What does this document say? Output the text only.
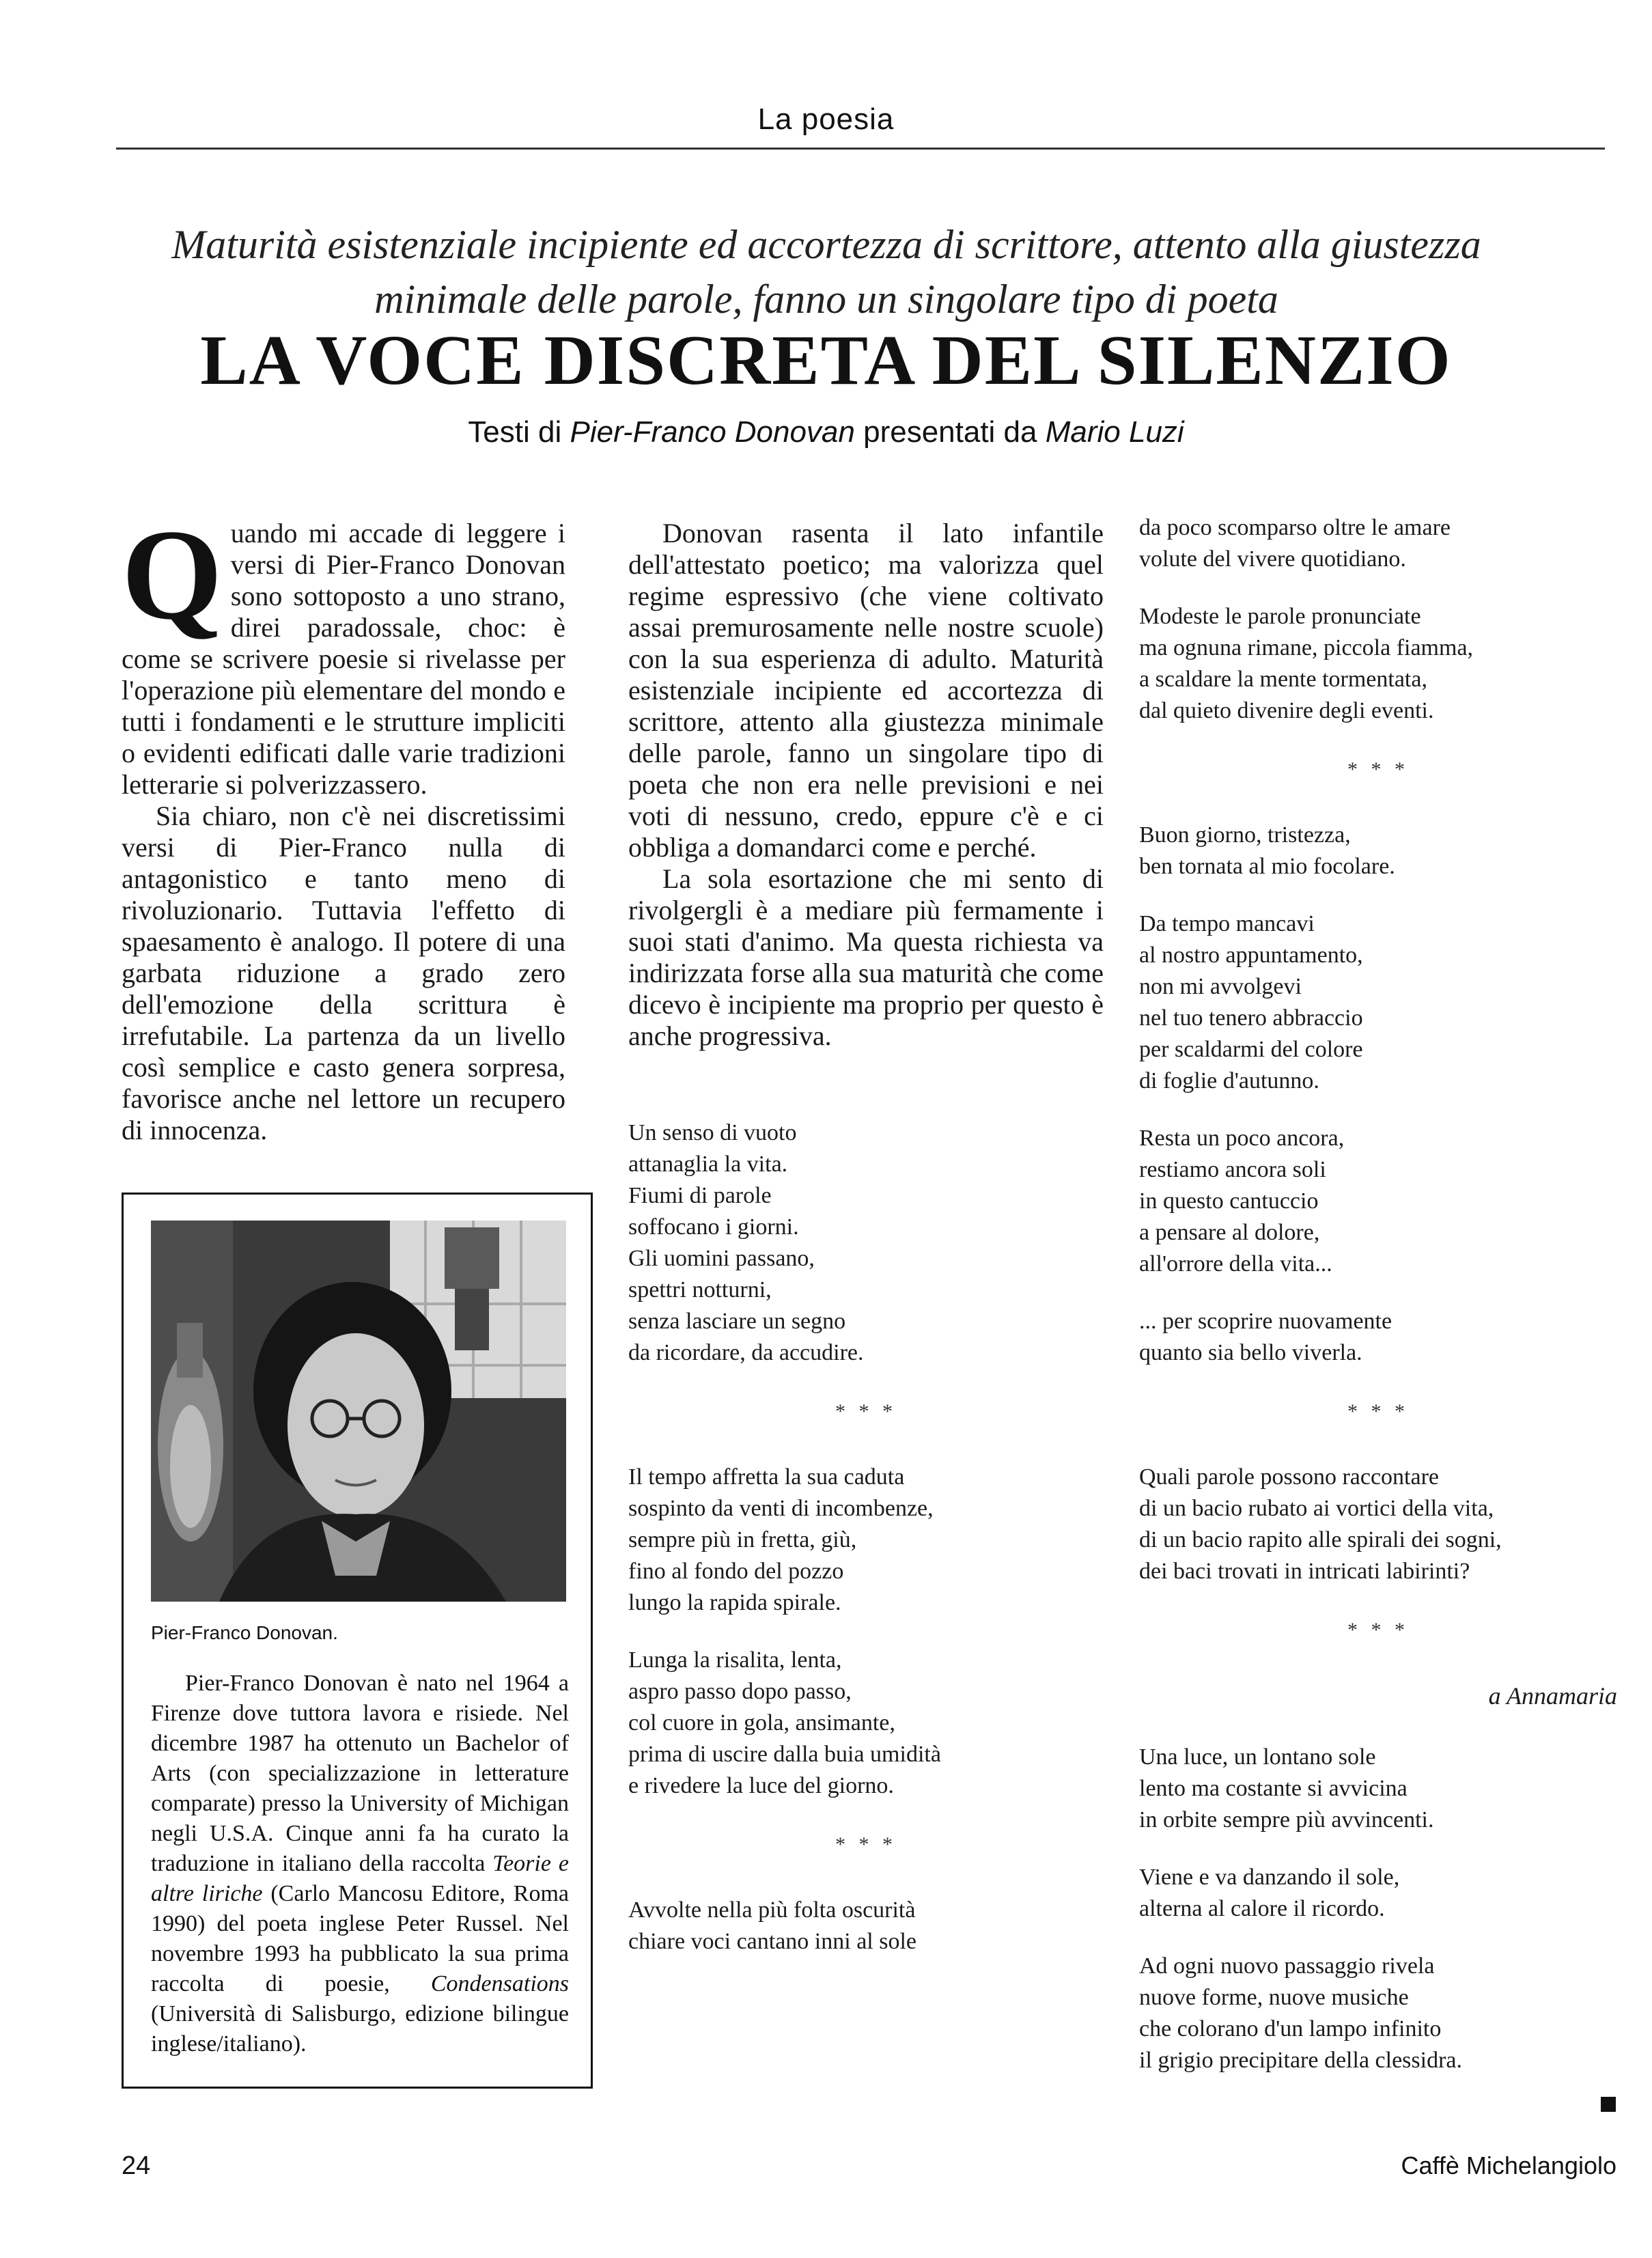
La poesia
Maturità esistenziale incipiente ed accortezza di scrittore, attento alla giustezza minimale delle parole, fanno un singolare tipo di poeta
LA VOCE DISCRETA DEL SILENZIO
Testi di Pier-Franco Donovan presentati da Mario Luzi

Quando mi accade di leggere i versi di Pier-Franco Donovan sono sottoposto a uno strano, direi paradossale, choc: è come se scrivere poesie si rivelasse per l'operazione più elementare del mondo e tutti i fondamenti e le strutture impliciti o evidenti edificati dalle varie tradizioni letterarie si polverizzassero.

Sia chiaro, non c'è nei discretissimi versi di Pier-Franco nulla di antagonistico e tanto meno di rivoluzionario. Tuttavia l'effetto di spaesamento è analogo. Il potere di una garbata riduzione a grado zero dell'emozione della scrittura è irrefutabile. La partenza da un livello così semplice e casto genera sorpresa, favorisce anche nel lettore un recupero di innocenza.

Pier-Franco Donovan.

Pier-Franco Donovan è nato nel 1964 a Firenze dove tuttora lavora e risiede. Nel dicembre 1987 ha ottenuto un Bachelor of Arts (con specializzazione in letterature comparate) presso la University of Michigan negli U.S.A. Cinque anni fa ha curato la traduzione in italiano della raccolta Teorie e altre liriche (Carlo Mancosu Editore, Roma 1990) del poeta inglese Peter Russel. Nel novembre 1993 ha pubblicato la sua prima raccolta di poesie, Condensations (Università di Salisburgo, edizione bilingue inglese/italiano).

Donovan rasenta il lato infantile dell'attestato poetico; ma valorizza quel regime espressivo (che viene coltivato assai premurosamente nelle nostre scuole) con la sua esperienza di adulto. Maturità esistenziale incipiente ed accortezza di scrittore, attento alla giustezza minimale delle parole, fanno un singolare tipo di poeta che non era nelle previsioni e nei voti di nessuno, credo, eppure c'è e ci obbliga a domandarci come e perché.

La sola esortazione che mi sento di rivolgergli è a mediare più fermamente i suoi stati d'animo. Ma questa richiesta va indirizzata forse alla sua maturità che come dicevo è incipiente ma proprio per questo è anche progressiva.

Un senso di vuoto
attanaglia la vita.
Fiumi di parole
soffocano i giorni.
Gli uomini passano,
spettri notturni,
senza lasciare un segno
da ricordare, da accudire.
* * *
Il tempo affretta la sua caduta
sospinto da venti di incombenze,
sempre più in fretta, giù,
fino al fondo del pozzo
lungo la rapida spirale.
Lunga la risalita, lenta,
aspro passo dopo passo,
col cuore in gola, ansimante,
prima di uscire dalla buia umidità
e rivedere la luce del giorno.
* * *
Avvolte nella più folta oscurità
chiare voci cantano inni al sole
da poco scomparso oltre le amare
volute del vivere quotidiano.
Modeste le parole pronunciate
ma ognuna rimane, piccola fiamma,
a scaldare la mente tormentata,
dal quieto divenire degli eventi.
* * *
Buon giorno, tristezza,
ben tornata al mio focolare.
Da tempo mancavi
al nostro appuntamento,
non mi avvolgevi
nel tuo tenero abbraccio
per scaldarmi del colore
di foglie d'autunno.
Resta un poco ancora,
restiamo ancora soli
in questo cantuccio
a pensare al dolore,
all'orrore della vita...
... per scoprire nuovamente
quanto sia bello viverla.
* * *
Quali parole possono raccontare
di un bacio rubato ai vortici della vita,
di un bacio rapito alle spirali dei sogni,
dei baci trovati in intricati labirinti?
* * *
a Annamaria
Una luce, un lontano sole
lento ma costante si avvicina
in orbite sempre più avvincenti.
Viene e va danzando il sole,
alterna al calore il ricordo.
Ad ogni nuovo passaggio rivela
nuove forme, nuove musiche
che colorano d'un lampo infinito
il grigio precipitare della clessidra.
24	Caffè Michelangiolo
